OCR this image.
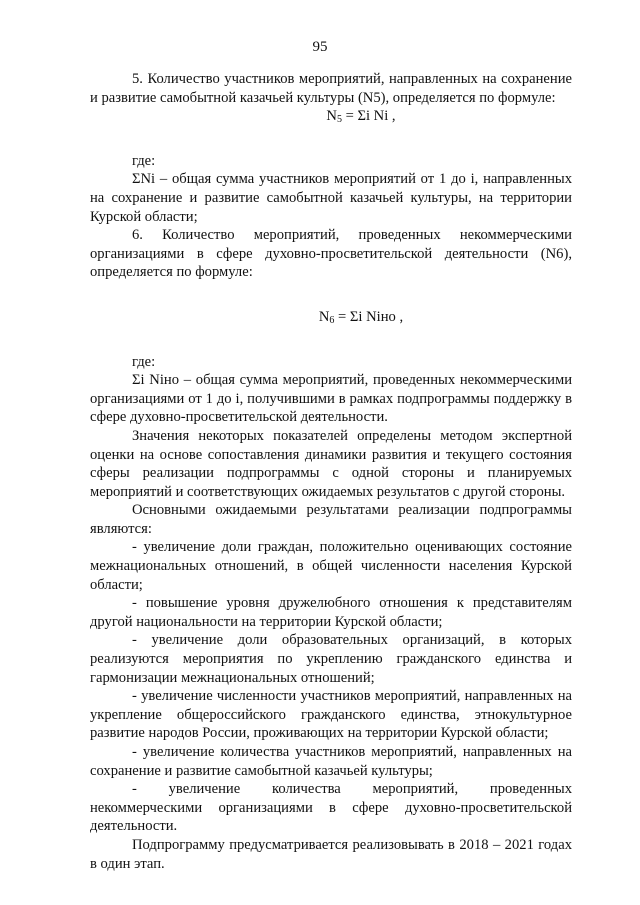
95

5. Количество участников мероприятий, направленных на сохранение и развитие самобытной казачьей культуры (N5), определяется по формуле:

$N_5 = \Sigma i$ Ni ,

где:

ΣNi – общая сумма участников мероприятий от 1 до i, направленных на сохранение и развитие самобытной казачьей культуры, на территории Курской области;

6. Количество мероприятий, проведенных некоммерческими организациями в сфере духовно-просветительской деятельности (N6), определяется по формуле:

$N_6 = \Sigma i$ Niно ,

где:

Σi Niно – общая сумма мероприятий, проведенных некоммерческими организациями от 1 до i, получившими в рамках подпрограммы поддержку в сфере духовно-просветительской деятельности.

Значения некоторых показателей определены методом экспертной оценки на основе сопоставления динамики развития и текущего состояния сферы реализации подпрограммы с одной стороны и планируемых мероприятий и соответствующих ожидаемых результатов с другой стороны.

Основными ожидаемыми результатами реализации подпрограммы являются:

- увеличение доли граждан, положительно оценивающих состояние межнациональных отношений, в общей численности населения Курской области;

- повышение уровня дружелюбного отношения к представителям другой национальности на территории Курской области;

- увеличение доли образовательных организаций, в которых реализуются мероприятия по укреплению гражданского единства и гармонизации межнациональных отношений;

- увеличение численности участников мероприятий, направленных на укрепление общероссийского гражданского единства, этнокультурное развитие народов России, проживающих на территории Курской области;

- увеличение количества участников мероприятий, направленных на сохранение и развитие самобытной казачьей культуры;

- увеличение количества мероприятий, проведенных некоммерческими организациями в сфере духовно-просветительской деятельности.

Подпрограмму предусматривается реализовывать в 2018 – 2021 годах в один этап.
